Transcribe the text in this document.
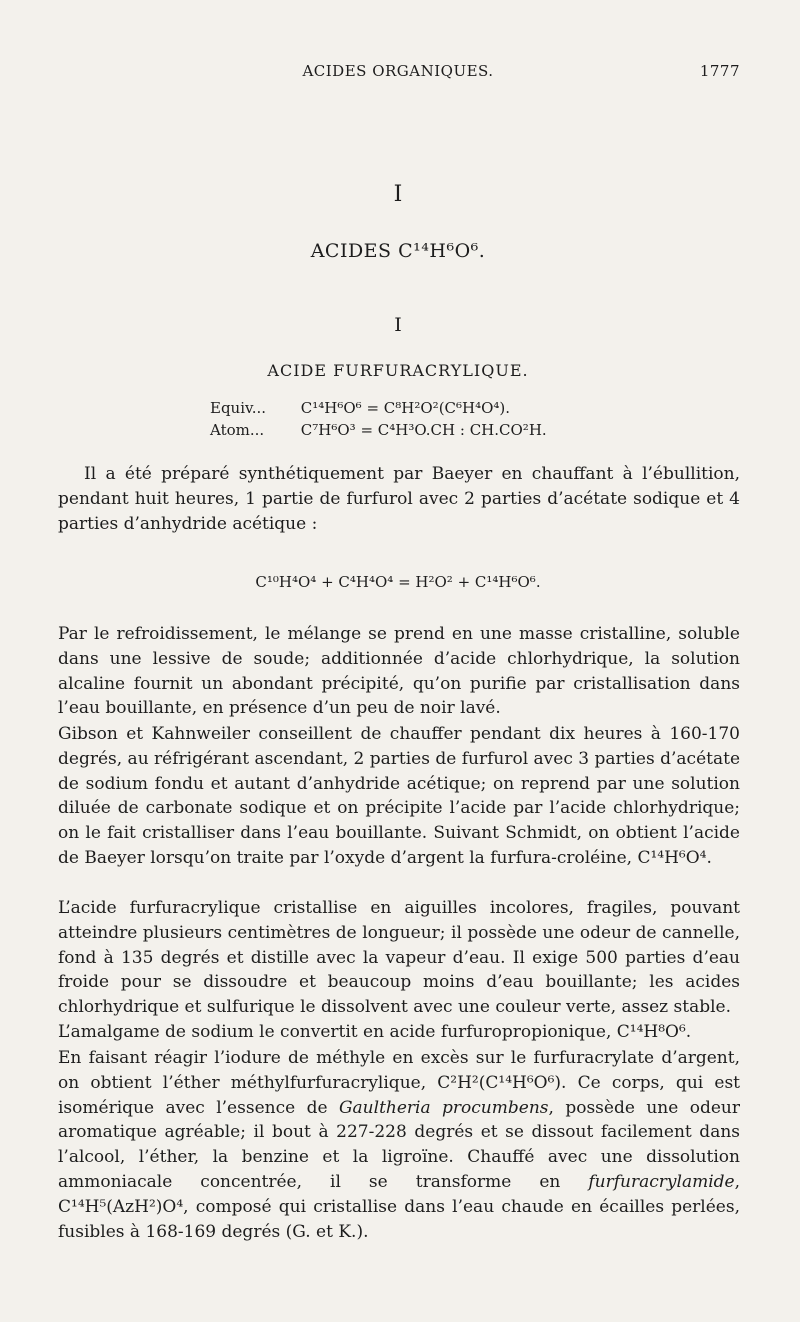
ACIDES ORGANIQUES.	1777
I
ACIDES C¹⁴H⁶O⁶.
I
ACIDE FURFURACRYLIQUE.
Equiv... C¹⁴H⁶O⁶ = C⁸H²O²(C⁶H⁴O⁴).
Atom... C⁷H⁶O³ = C⁴H³O.CH : CH.CO²H.

Il a été préparé synthétiquement par Baeyer en chauffant à l’ébullition, pendant huit heures, 1 partie de furfurol avec 2 parties d’acétate sodique et 4 parties d’anhydride acétique :

C¹⁰H⁴O⁴ + C⁴H⁴O⁴ = H²O² + C¹⁴H⁶O⁶.

Par le refroidissement, le mélange se prend en une masse cristalline, soluble dans une lessive de soude; additionnée d’acide chlorhydrique, la solution alcaline fournit un abondant précipité, qu’on purifie par cristallisation dans l’eau bouillante, en présence d’un peu de noir lavé.

Gibson et Kahnweiler conseillent de chauffer pendant dix heures à 160-170 degrés, au réfrigérant ascendant, 2 parties de furfurol avec 3 parties d’acétate de sodium fondu et autant d’anhydride acétique; on reprend par une solution diluée de carbonate sodique et on précipite l’acide par l’acide chlorhydrique; on le fait cristalliser dans l’eau bouillante. Suivant Schmidt, on obtient l’acide de Baeyer lorsqu’on traite par l’oxyde d’argent la furfura-croléine, C¹⁴H⁶O⁴.

L’acide furfuracrylique cristallise en aiguilles incolores, fragiles, pouvant atteindre plusieurs centimètres de longueur; il possède une odeur de cannelle, fond à 135 degrés et distille avec la vapeur d’eau. Il exige 500 parties d’eau froide pour se dissoudre et beaucoup moins d’eau bouillante; les acides chlorhydrique et sulfurique le dissolvent avec une couleur verte, assez stable.

L’amalgame de sodium le convertit en acide furfuropropionique, C¹⁴H⁸O⁶.

En faisant réagir l’iodure de méthyle en excès sur le furfuracrylate d’argent, on obtient l’éther méthylfurfuracrylique, C²H²(C¹⁴H⁶O⁶). Ce corps, qui est isomérique avec l’essence de Gaultheria procumbens, possède une odeur aromatique agréable; il bout à 227-228 degrés et se dissout facilement dans l’alcool, l’éther, la benzine et la ligroïne. Chauffé avec une dissolution ammoniacale concentrée, il se transforme en furfuracrylamide, C¹⁴H⁵(AzH²)O⁴, composé qui cristallise dans l’eau chaude en écailles perlées, fusibles à 168-169 degrés (G. et K.).
